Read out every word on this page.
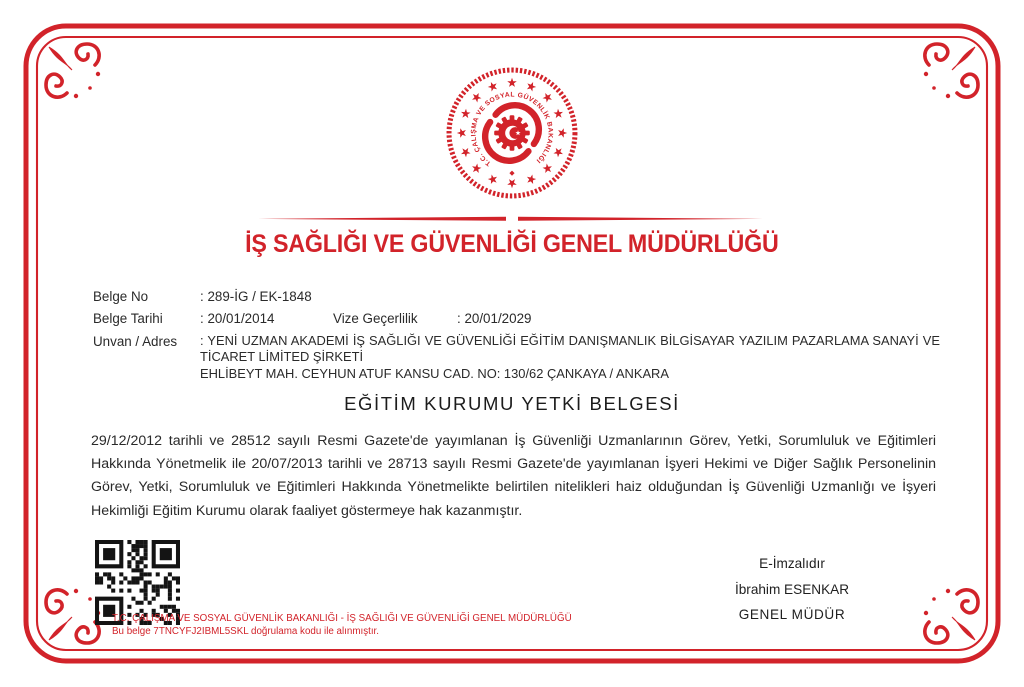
T.C. ÇALIŞMA VE SOSYAL GÜVENLİK BAKANLIĞI
İŞ SAĞLIĞI VE GÜVENLİĞİ GENEL MÜDÜRLÜĞÜ
Belge No	: 289-İG / EK-1848
Belge Tarihi	: 20/01/2014	Vize Geçerlilik	: 20/01/2029
Unvan / Adres : YENİ UZMAN AKADEMİ İŞ SAĞLIĞI VE GÜVENLİĞİ EĞİTİM DANIŞMANLIK BİLGİSAYAR YAZILIM PAZARLAMA SANAYİ VE
TİCARET LİMİTED ŞİRKETİ
EHLİBEYT MAH. CEYHUN ATUF KANSU CAD. NO: 130/62 ÇANKAYA / ANKARA
EĞİTİM KURUMU YETKİ BELGESİ
29/12/2012 tarihli ve 28512 sayılı Resmi Gazete'de yayımlanan İş Güvenliği Uzmanlarının Görev, Yetki, Sorumluluk ve Eğitimleri Hakkında Yönetmelik ile 20/07/2013 tarihli ve 28713 sayılı Resmi Gazete'de yayımlanan İşyeri Hekimi ve Diğer Sağlık Personelinin Görev, Yetki, Sorumluluk ve Eğitimleri Hakkında Yönetmelikte belirtilen nitelikleri haiz olduğundan İş Güvenliği Uzmanlığı ve İşyeri Hekimliği Eğitim Kurumu olarak faaliyet göstermeye hak kazanmıştır.
T.C. ÇALIŞMA VE SOSYAL GÜVENLİK BAKANLIĞI - İŞ SAĞLIĞI VE GÜVENLİĞİ GENEL MÜDÜRLÜĞÜ
Bu belge 7TNCYFJ2IBML5SKL doğrulama kodu ile alınmıştır.
E-İmzalıdır
İbrahim ESENKAR
GENEL MÜDÜR
